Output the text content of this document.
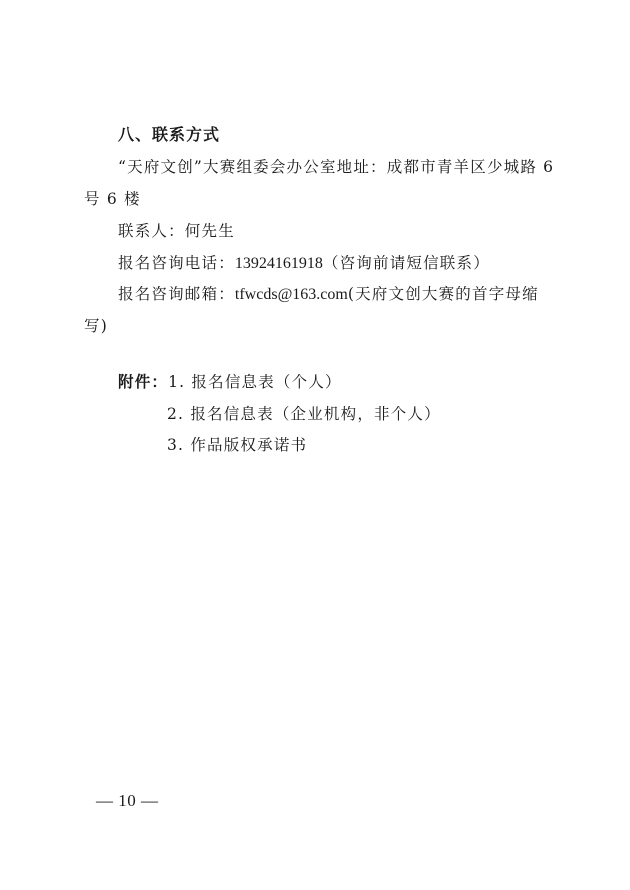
八、联系方式
“天府文创”大赛组委会办公室地址：成都市青羊区少城路 6
号 6 楼
联系人：何先生
报名咨询电话：13924161918（咨询前请短信联系）
报名咨询邮箱：tfwcds@163.com(天府文创大赛的首字母缩
写)
附件：1. 报名信息表（个人）
2. 报名信息表（企业机构，非个人）
3. 作品版权承诺书
— 10 —
